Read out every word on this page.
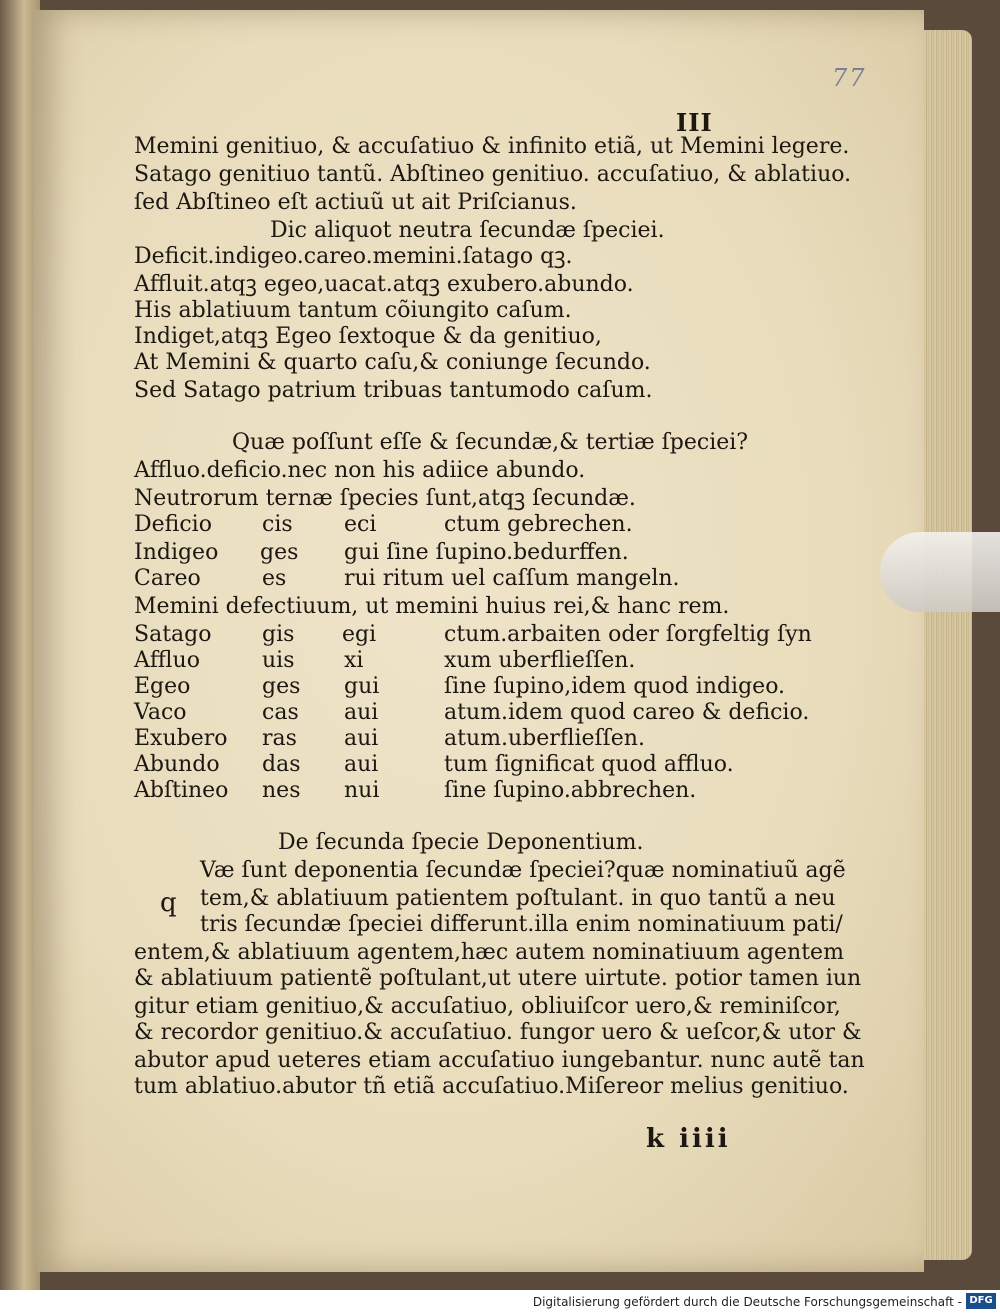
77
III
Memini genitiuo, & accuſatiuo & infinito etiã, ut Memini legere.
Satago genitiuo tantũ. Abſtineo genitiuo. accuſatiuo, & ablatiuo.
ſed Abſtineo eſt actiuũ ut ait Priſcianus.
Dic aliquot neutra ſecundæ ſpeciei.
Deficit.indigeo.careo.memini.ſatago qꝫ.
Affluit.atqꝫ egeo,uacat.atqꝫ exubero.abundo.
His ablatiuum tantum cõiungito caſum.
Indiget,atqꝫ Egeo ſextoque & da genitiuo,
At Memini & quarto caſu,& coniunge ſecundo.
Sed Satago patrium tribuas tantumodo caſum.
Quæ poſſunt eſſe & ſecundæ,& tertiæ ſpeciei?
Affluo.deficio.nec non his adiice abundo.
Neutrorum ternæ ſpecies ſunt,atqꝫ ſecundæ.
Deficio cis eci	ctum gebrechen.
Indigeo ges gui ſine ſupino.bedurffen.
Careo	es	rui ritum uel caſſum mangeln.
Memini defectiuum, ut memini huius rei,& hanc rem.
Satago gis egi	ctum.arbaiten oder ſorgfeltig ſyn
Affluo	uis xi	xum uberflieſſen.
Egeo	ges gui	ſine ſupino,idem quod indigeo.
Vaco	cas aui	atum.idem quod careo & deficio.
Exubero ras aui	atum.uberflieſſen.
Abundo das aui	tum ſignificat quod affluo.
Abſtineo nes nui	ſine ſupino.abbrechen.
De ſecunda ſpecie Deponentium.
q
Væ ſunt deponentia ſecundæ ſpeciei?quæ nominatiuũ agẽ
tem,& ablatiuum patientem poſtulant. in quo tantũ a neu
tris ſecundæ ſpeciei differunt.illa enim nominatiuum pati/
entem,& ablatiuum agentem,hæc autem nominatiuum agentem
& ablatiuum patientẽ poſtulant,ut utere uirtute. potior tamen iun
gitur etiam genitiuo,& accuſatiuo, obliuiſcor uero,& reminiſcor,
& recordor genitiuo.& accuſatiuo. fungor uero & ueſcor,& utor &
abutor apud ueteres etiam accuſatiuo iungebantur. nunc autẽ tan
tum ablatiuo.abutor tñ etiã accuſatiuo.Miſereor melius genitiuo.
k iiii
Digitalisierung gefördert durch die Deutsche Forschungsgemeinschaft - DFG
